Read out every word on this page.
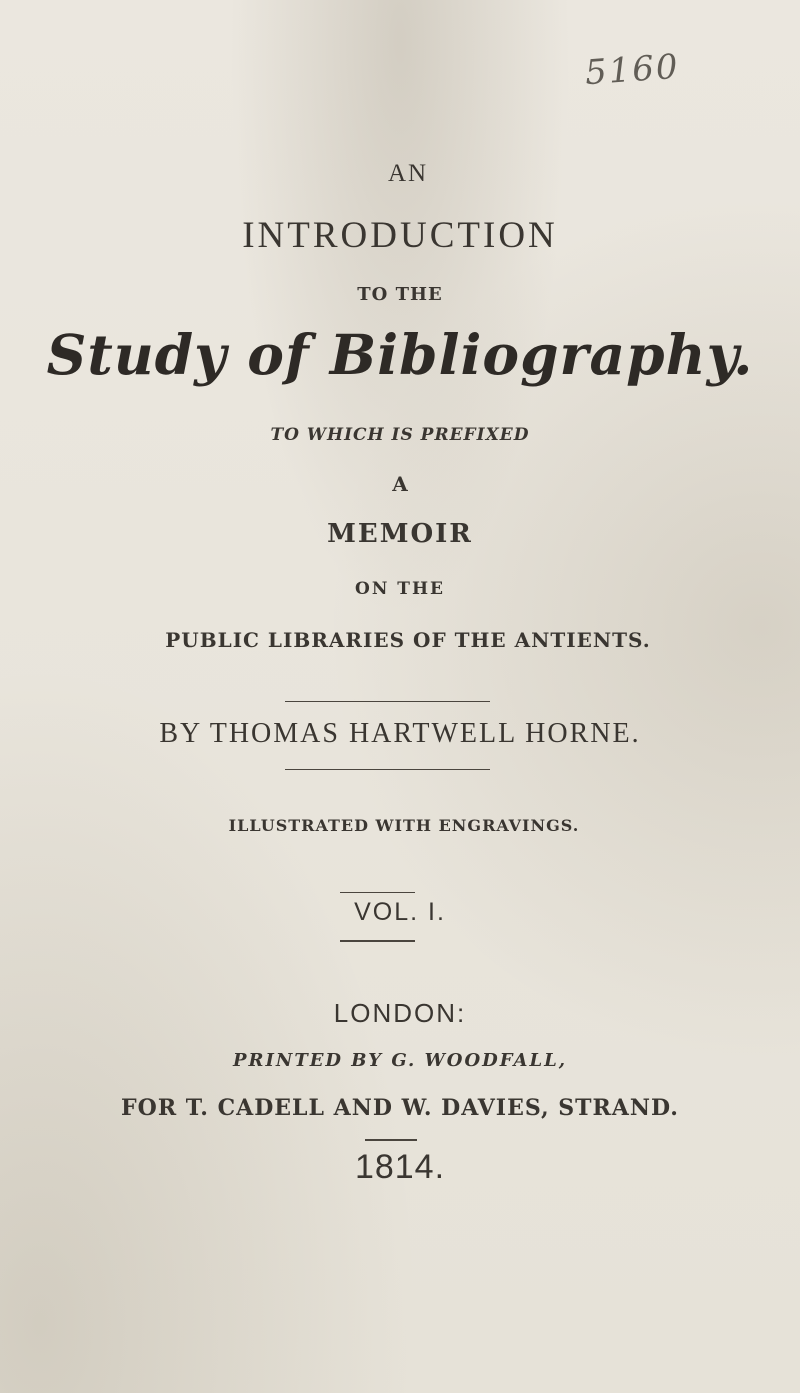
5160

AN

INTRODUCTION

TO THE

Study of Bibliography.

TO WHICH IS PREFIXED

A

MEMOIR

ON THE

PUBLIC LIBRARIES OF THE ANTIENTS.

BY THOMAS HARTWELL HORNE.

ILLUSTRATED WITH ENGRAVINGS.

VOL. I.

LONDON:

PRINTED BY G. WOODFALL,

FOR T. CADELL AND W. DAVIES, STRAND.

1814.
